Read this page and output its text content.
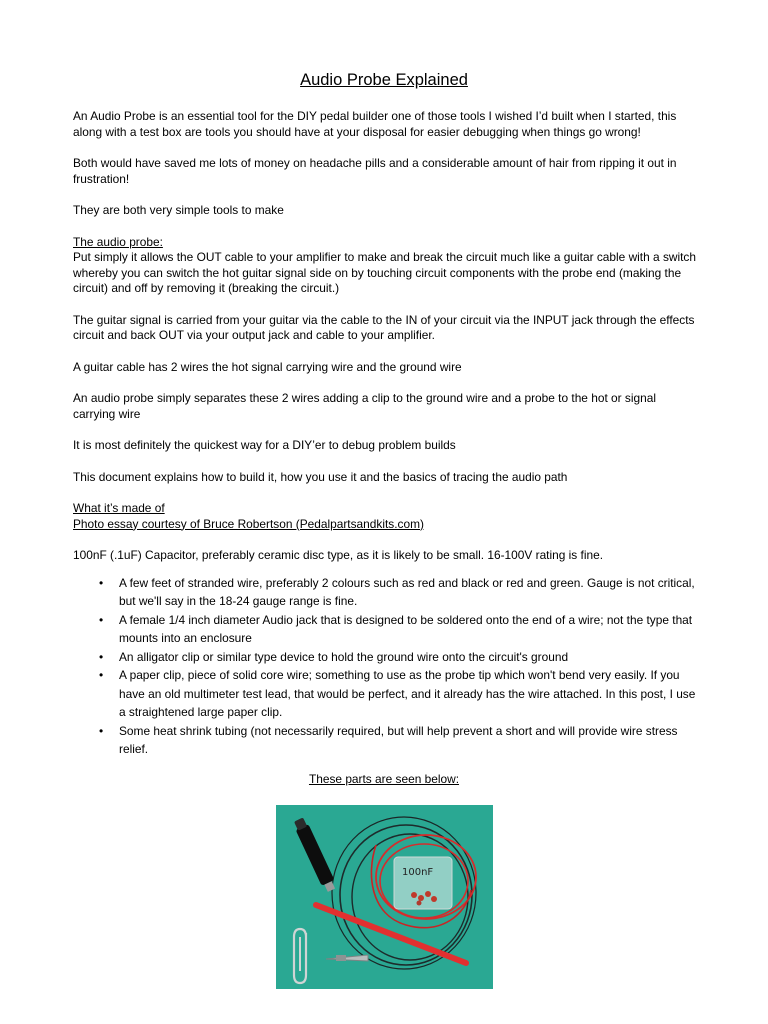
Audio Probe Explained

An Audio Probe is an essential tool for the DIY pedal builder one of those tools I wished I’d built when I started, this along with a test box are tools you should have at your disposal for easier debugging when things go wrong!

Both would have saved me lots of money on headache pills and a considerable amount of hair from ripping it out in frustration!

They are both very simple tools to make

The audio probe:

Put simply it allows the OUT cable to your amplifier to make and break the circuit much like a guitar cable with a switch whereby you can switch the hot guitar signal side on by touching circuit components with the probe end (making the circuit) and off by removing it (breaking the circuit.)

The guitar signal is carried from your guitar via the cable to the IN of your circuit via the INPUT jack through the effects circuit and back OUT via your output jack and cable to your amplifier.

A guitar cable has 2 wires the hot signal carrying wire and the ground wire

An audio probe simply separates these 2 wires adding a clip to the ground wire and a probe to the hot or signal carrying wire

It is most definitely the quickest way for a DIY’er to debug problem builds

This document explains how to build it, how you use it and the basics of tracing the audio path

What it’s made of

Photo essay courtesy of Bruce Robertson (Pedalpartsandkits.com)

100nF (.1uF) Capacitor, preferably ceramic disc type, as it is likely to be small. 16-100V rating is fine.

• A few feet of stranded wire, preferably 2 colours such as red and black or red and green. Gauge is not critical, but we'll say in the 18-24 gauge range is fine.
• A female 1/4 inch diameter Audio jack that is designed to be soldered onto the end of a wire; not the type that mounts into an enclosure
• An alligator clip or similar type device to hold the ground wire onto the circuit's ground
• A paper clip, piece of solid core wire; something to use as the probe tip which won't bend very easily. If you have an old multimeter test lead, that would be perfect, and it already has the wire attached. In this post, I use a straightened large paper clip.
• Some heat shrink tubing (not necessarily required, but will help prevent a short and will provide wire stress relief.
These parts are seen below:
100nF
